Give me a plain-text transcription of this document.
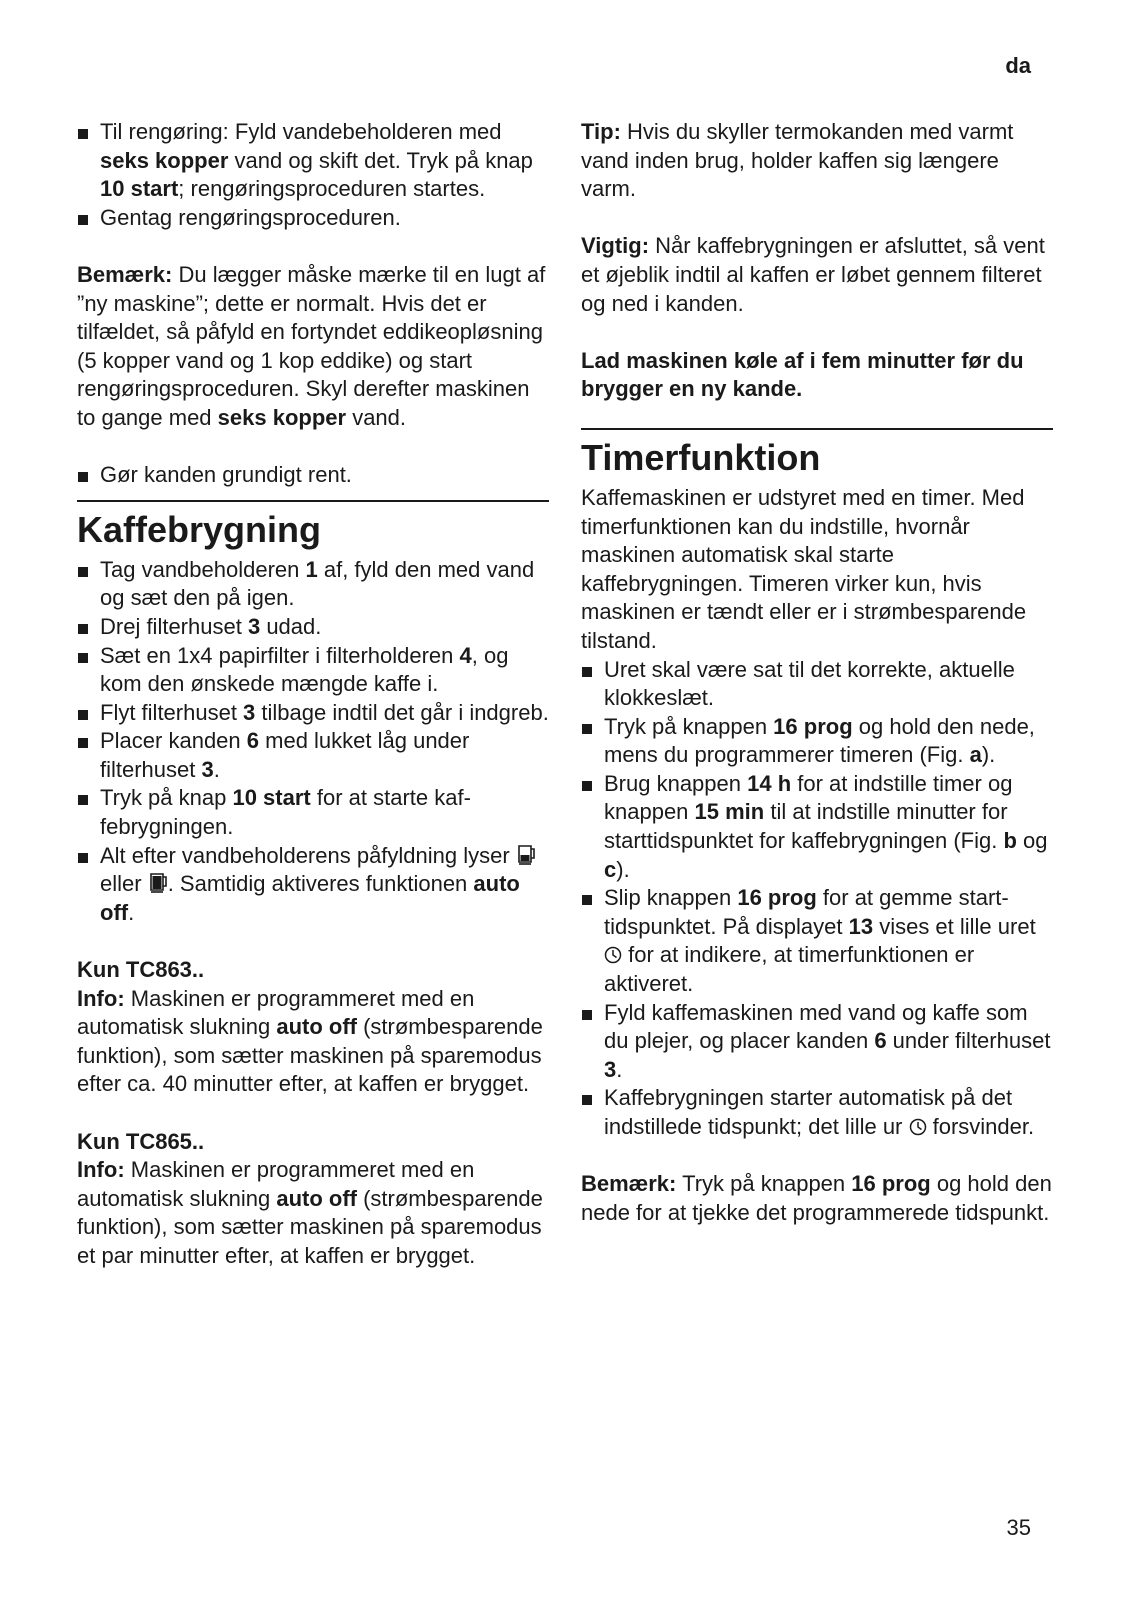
da
Til rengøring: Fyld vandebeholderen med seks kopper vand og skift det. Tryk på knap 10 start; rengøringsproceduren startes.
Gentag rengøringsproceduren.

Bemærk: Du lægger måske mærke til en lugt af ”ny maskine”; dette er normalt. Hvis det er tilfældet, så påfyld en fortyndet eddikeopløsning (5 kopper vand og 1 kop eddike) og start rengøringsproceduren. Skyl derefter maskinen to gange med seks kopper vand.

Gør kanden grundigt rent.
Kaffebrygning
Tag vandbeholderen 1 af, fyld den med vand og sæt den på igen.
Drej filterhuset 3 udad.
Sæt en 1x4 papirfilter i filterholderen 4, og kom den ønskede mængde kaffe i.
Flyt filterhuset 3 tilbage indtil det går i indgreb.
Placer kanden 6 med lukket låg under filterhuset 3.
Tryk på knap 10 start for at starte kaffebrygningen.
Alt efter vandbeholderens påfyldning lyser  eller . Samtidig aktiveres funktionen auto off.

Kun TC863..

Info: Maskinen er programmeret med en automatisk slukning auto off (strømbesparende funktion), som sætter maskinen på sparemodus efter ca. 40 minutter efter, at kaffen er brygget.

Kun TC865..

Info: Maskinen er programmeret med en automatisk slukning auto off (strømbesparende funktion), som sætter maskinen på sparemodus et par minutter efter, at kaffen er brygget.

Tip: Hvis du skyller termokanden med varmt vand inden brug, holder kaffen sig længere varm.

Vigtig: Når kaffebrygningen er afsluttet, så vent et øjeblik indtil al kaffen er løbet gennem filteret og ned i kanden.

Lad maskinen køle af i fem minutter før du brygger en ny kande.

Timerfunktion

Kaffemaskinen er udstyret med en timer. Med timerfunktionen kan du indstille, hvornår maskinen automatisk skal starte kaffebrygningen. Timeren virker kun, hvis maskinen er tændt eller er i strømbesparende tilstand.

Uret skal være sat til det korrekte, aktuelle klokkeslæt.
Tryk på knappen 16 prog og hold den nede, mens du programmerer timeren (Fig. a).
Brug knappen 14 h for at indstille timer og knappen 15 min til at indstille minutter for starttidspunktet for kaffebrygningen (Fig. b og c).
Slip knappen 16 prog for at gemme starttidspunktet. På displayet 13 vises et lille uret  for at indikere, at timerfunktionen er aktiveret.
Fyld kaffemaskinen med vand og kaffe som du plejer, og placer kanden 6 under filterhuset 3.
Kaffebrygningen starter automatisk på det indstillede tidspunkt; det lille ur  forsvinder.

Bemærk: Tryk på knappen 16 prog og hold den nede for at tjekke det programmerede tidspunkt.

35
